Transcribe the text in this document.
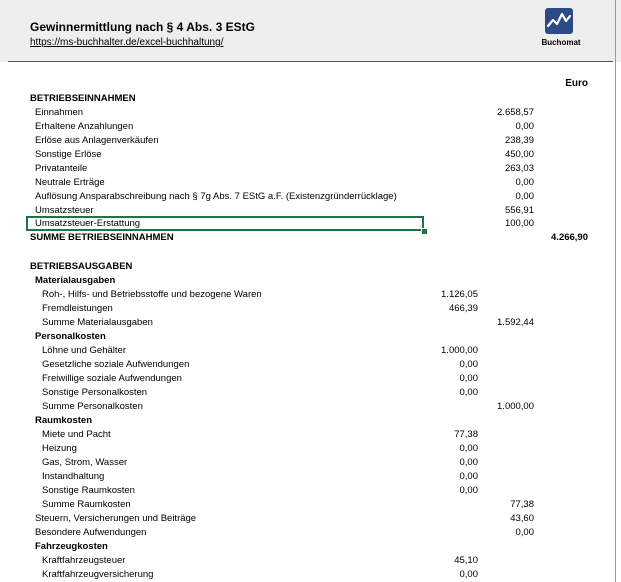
Gewinnermittlung nach § 4 Abs. 3 EStG
https://ms-buchhalter.de/excel-buchhaltung/	Buchomat
Euro
BETRIEBSEINNAHMEN
Einnahmen	2.658,57
Erhaltene Anzahlungen	0,00
Erlöse aus Anlagenverkäufen	238,39
Sonstige Erlöse	450,00
Privatanteile	263,03
Neutrale Erträge	0,00
Auflösung Ansparabschreibung nach § 7g Abs. 7 EStG a.F. (Existenzgründerrücklage)	0,00
Umsatzsteuer	556,91
Umsatzsteuer-Erstattung	100,00
SUMME BETRIEBSEINNAHMEN	4.266,90
BETRIEBSAUSGABEN
Materialausgaben
Roh-, Hilfs- und Betriebsstoffe und bezogene Waren	1.126,05
Fremdleistungen	466,39
Summe Materialausgaben	1.592,44
Personalkosten
Löhne und Gehälter	1.000,00
Gesetzliche soziale Aufwendungen	0,00
Freiwillige soziale Aufwendungen	0,00
Sonstige Personalkosten	0,00
Summe Personalkosten	1.000,00
Raumkosten
Miete und Pacht	77,38
Heizung	0,00
Gas, Strom, Wasser	0,00
Instandhaltung	0,00
Sonstige Raumkosten	0,00
Summe Raumkosten	77,38
Steuern, Versicherungen und Beiträge	43,60
Besondere Aufwendungen	0,00
Fahrzeugkosten
Kraftfahrzeugsteuer	45,10
Kraftfahrzeugversicherung	0,00
